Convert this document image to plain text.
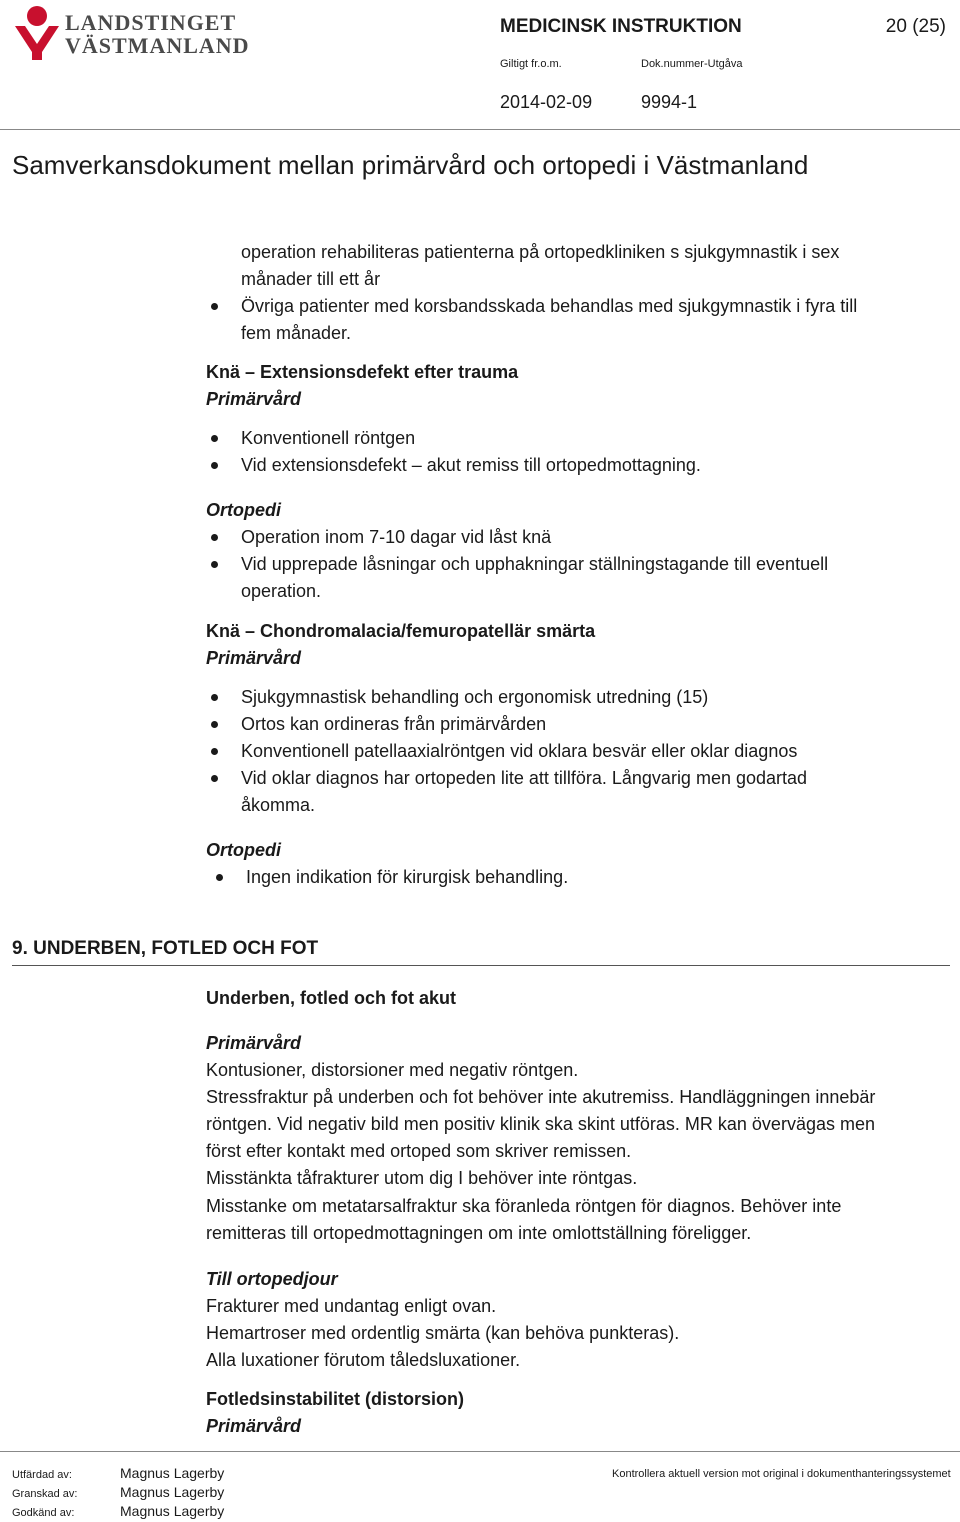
LANDSTINGET
VÄSTMANLAND
MEDICINSK INSTRUKTION	20 (25)
Giltigt fr.o.m.	Dok.nummer-Utgåva
2014-02-09	9994-1
Samverkansdokument mellan primärvård och ortopedi i Västmanland
operation rehabiliteras patienterna på ortopedkliniken s sjukgymnastik i sex
månader till ett år
Övriga patienter med korsbandsskada behandlas med sjukgymnastik i fyra till
fem månader.
Knä – Extensionsdefekt efter trauma
Primärvård
Konventionell röntgen
Vid extensionsdefekt – akut remiss till ortopedmottagning.
Ortopedi
Operation inom 7-10 dagar vid låst knä
Vid upprepade låsningar och upphakningar ställningstagande till eventuell
operation.
Knä – Chondromalacia/femuropatellär smärta
Primärvård
Sjukgymnastisk behandling och ergonomisk utredning (15)
Ortos kan ordineras från primärvården
Konventionell patellaaxialröntgen vid oklara besvär eller oklar diagnos
Vid oklar diagnos har ortopeden lite att tillföra. Långvarig men godartad
åkomma.
Ortopedi
Ingen indikation för kirurgisk behandling.
9. UNDERBEN, FOTLED OCH FOT
Underben, fotled och fot akut
Primärvård
Kontusioner, distorsioner med negativ röntgen.
Stressfraktur på underben och fot behöver inte akutremiss. Handläggningen innebär
röntgen. Vid negativ bild men positiv klinik ska skint utföras. MR kan övervägas men
först efter kontakt med ortoped som skriver remissen.
Misstänkta tåfrakturer utom dig I behöver inte röntgas.
Misstanke om metatarsalfraktur ska föranleda röntgen för diagnos. Behöver inte
remitteras till ortopedmottagningen om inte omlottställning föreligger.
Till ortopedjour
Frakturer med undantag enligt ovan.
Hemartroser med ordentlig smärta (kan behöva punkteras).
Alla luxationer förutom tåledsluxationer.
Fotledsinstabilitet (distorsion)
Primärvård
Utfärdad av:	Magnus Lagerby
Granskad av:	Magnus Lagerby
Godkänd av:	Magnus Lagerby
Kontrollera aktuell version mot original i dokumenthanteringssystemet
